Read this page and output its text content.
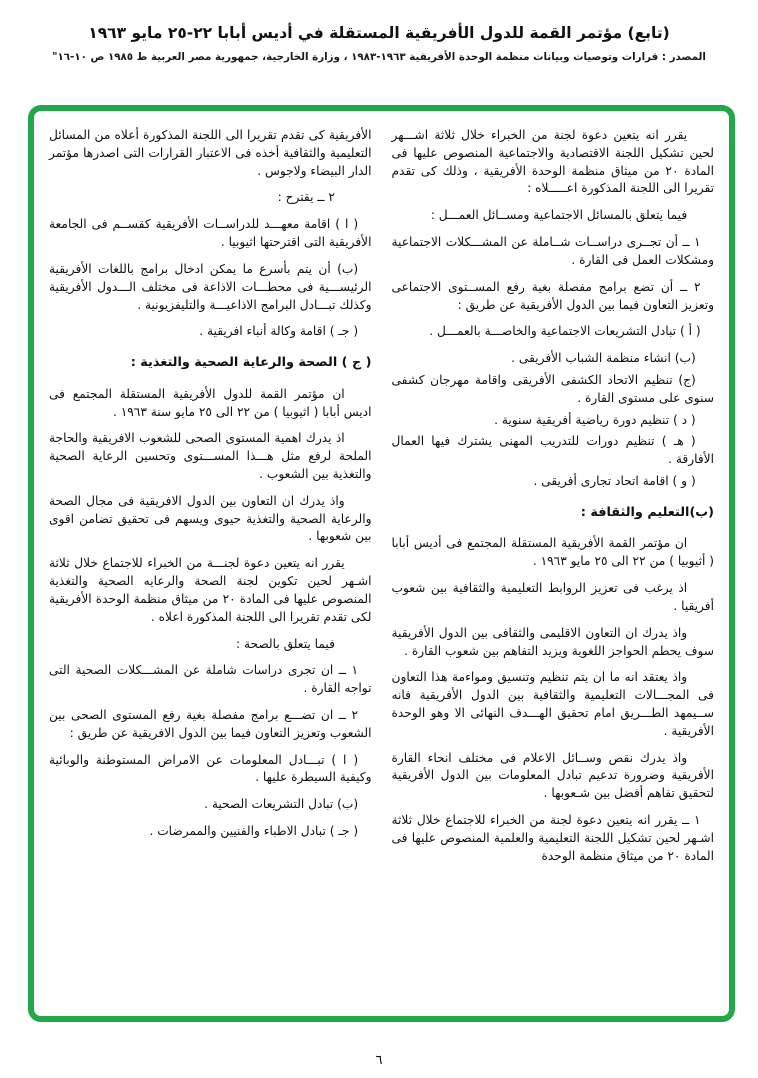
(تابع) مؤتمر القمة للدول الأفريقية المستقلة في أديس أبابا ٢٢-٢٥ مايو ١٩٦٣
المصدر : قرارات وتوصيات وبيانات منظمة الوحدة الأفريقية ١٩٦٣-١٩٨٣ ، وزارة الخارجية، جمهورية مصر العربية ط ١٩٨٥ ص ١٠-١٦"

يقرر انه يتعين دعوة لجنة من الخبراء خلال ثلاثة اشـــهر لحين تشكيل اللجنة الاقتصادية والاجتماعية المنصوص عليها فى المادة ٢٠ من ميثاق منظمة الوحدة الأفريقية ، وذلك كى تقدم تقريرا الى اللجنة المذكورة اعـــــلاه :

فيما يتعلق بالمسائل الاجتماعية ومســائل العمـــل :

١ ــ أن تجــرى دراســات شــاملة عن المشـــكلات الاجتماعية ومشكلات العمل فى القارة .

٢ ــ أن تضع برامج مفصلة بغية رفع المســتوى الاجتماعى وتعزيز التعاون فيما بين الدول الأفريقية عن طريق :

( أ ) تبادل التشريعات الاجتماعية والخاصـــة بالعمـــل .

(ب) انشاء منظمة الشباب الأفريقى .

(ج) تنظيم الاتحاد الكشفى الأفريقى واقامة مهرجان كشفى سنوى على مستوى القارة .

( د ) تنظيم دورة رياضية أفريقية سنوية .

( هـ ) تنظيم دورات للتدريب المهنى يشترك فيها العمال الأفارقة .

( و ) اقامة اتحاد تجارى أفريقى .

(ب)التعليم والثقافة :

ان مؤتمر القمة الأفريقية المستقلة المجتمع فى أديس أبابا ( أثيوبيا ) من ٢٢ الى ٢٥ مايو ١٩٦٣ .

اذ يرغب فى تعزيز الروابط التعليمية والثقافية بين شعوب أفريقيا .

واذ يدرك ان التعاون الاقليمى والثقافى بين الدول الأفريقية سوف يحطم الحواجز اللغوية ويزيد التفاهم بين شعوب القارة .

واذ يعتقد انه ما ان يتم تنظيم وتنسيق ومواءمة هذا التعاون فى المجـــالات التعليمية والثقافية بين الدول الأفريقية فانه ســيمهد الطـــريق امام تحقيق الهـــدف النهائى الا وهو الوحدة الأفريقية .

واذ يدرك نقص وســائل الاعلام فى مختلف انحاء القارة الأفريقية وضرورة تدعيم تبادل المعلومات بين الدول الأفريقية لتحقيق تفاهم أفضل بين شـعوبها .

١ ــ يقرر انه يتعين دعوة لجنة من الخبراء للاجتماع خلال ثلاثة اشـهر لحين تشكيل اللجنة التعليمية والعلمية المنصوص عليها فى المادة ٢٠ من ميثاق منظمة الوحدة

الأفريقية كى تقدم تقريرا الى اللجنة المذكورة أعلاه من المسائل التعليمية والثقافية أخذه فى الاعتبار القرارات التى اصدرها مؤتمر الدار البيضاء ولاجوس .

٢ ــ يقترح :

( ا ) اقامة معهـــد للدراســات الأفريقية كقســم فى الجامعة الأفريقية التى اقترحتها اثيوبيا .

(ب) أن يتم بأسرع ما يمكن ادخال برامج باللغات الأفريقية الرئيســـية فى محطـــات الاذاعة فى مختلف الـــدول الأفريقية وكذلك تبـــادل البرامج الاذاعيـــة والتليفزيونية .

( جـ ) اقامة وكالة أنباء افريقية .

( ج ) الصحة والرعاية الصحية والتغذية :

ان مؤتمر القمة للدول الأفريقية المستقلة المجتمع فى اديس أبابا ( اثيوبيا ) من ٢٢ الى ٢٥ مايو سنة ١٩٦٣ .

اذ يدرك اهمية المستوى الصحى للشعوب الافريقية والحاجة الملحة لرفع مثل هـــذا المســـتوى وتحسين الرعاية الصحية والتغذية بين الشعوب .

واذ يدرك ان التعاون بين الدول الافريقية فى مجال الصحة والرعاية الصحية والتغذية حيوى ويسهم فى تحقيق تضامن اقوى بين شعوبها .

يقرر انه يتعين دعوة لجنـــة من الخبراء للاجتماع خلال ثلاثة اشـهر لحين تكوين لجنة الصحة والرعايه الصحية والتغذية المنصوص عليها فى المادة ٢٠ من ميثاق منظمة الوحدة الأفريقية لكى تقدم تقريرا الى اللجنة المذكورة اعلاه .

فيما يتعلق بالصحة :

١ ــ ان تجرى دراسات شاملة عن المشـــكلات الصحية التى تواجه القارة .

٢ ــ ان تضـــع برامج مفصلة بغية رفع المستوى الصحى بين الشعوب وتعزيز التعاون فيما بين الدول الافريقية عن طريق :

( ا ) تبـــادل المعلومات عن الامراض المستوطنة والوبائية وكيفية السيطرة عليها .

(ب) تبادل التشريعات الصحية .

( جـ ) تبادل الاطباء والفنيين والممرضات .

٦
